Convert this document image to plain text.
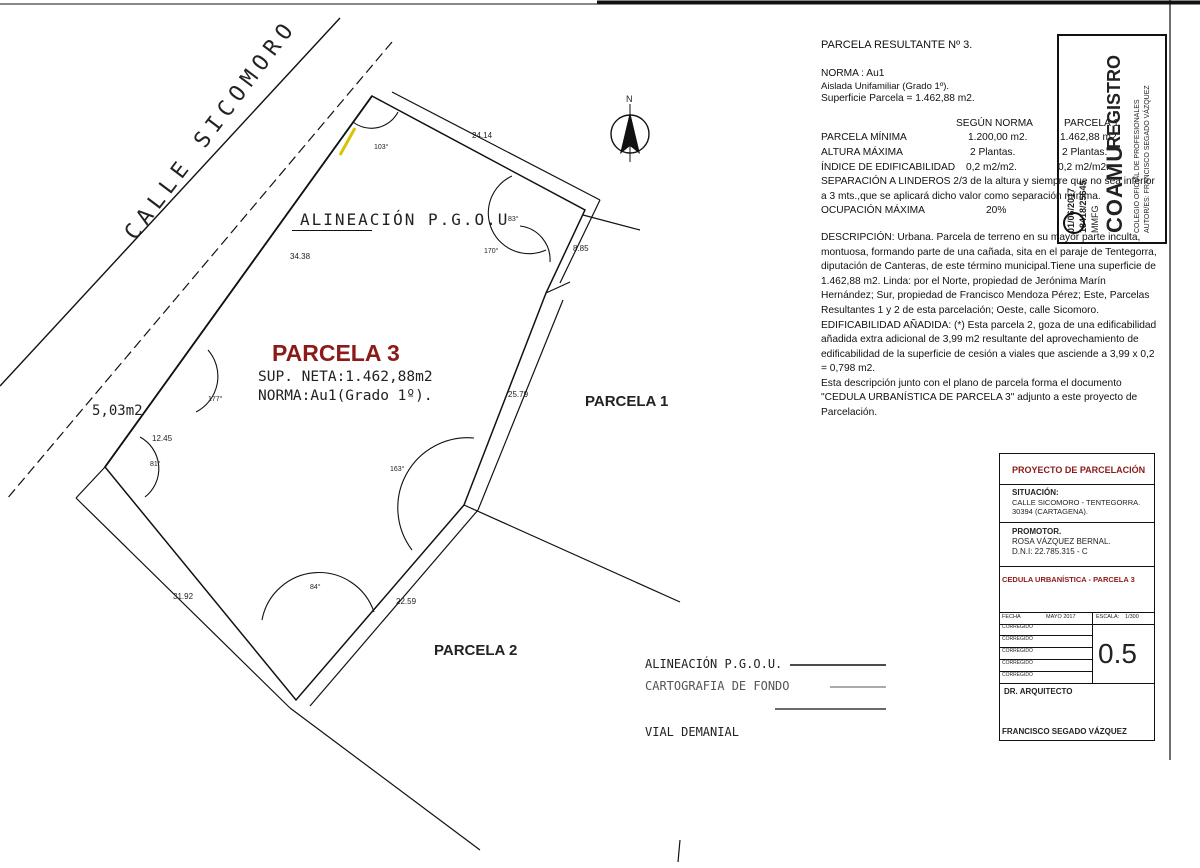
CALLE SICOMORO
ALINEACIÓN P.G.O.U
N
PARCELA 3
SUP. NETA:1.462,88m2
NORMA:Au1(Grado 1º).
5,03m2
PARCELA 1
PARCELA 2
24.14
34.38
8.85
25.79
22.59
31.92
12.45
103°
83°
170°
177°
81°
163°
84°
ALINEACIÓN P.G.O.U.
CARTOGRAFIA DE FONDO
VIAL DEMANIAL

PARCELA RESULTANTE Nº 3.

NORMA : Au1

Aislada Unifamiliar (Grado 1º).

Superficie Parcela = 1.462,88 m2.

SEGÚN NORMA	PARCELA 1
PARCELA MÍNIMA	1.200,00 m2.	1.462,88 m2.
ALTURA MÁXIMA	2 Plantas.	2 Plantas.
ÍNDICE DE EDIFICABILIDAD	0,2 m2/m2.	0,2 m2/m2.

SEPARACIÓN A LINDEROS 2/3 de la altura y siempre que no sea inferior a 3 mts.,que se aplicará dicho valor como separación mínima.

OCUPACIÓN MÁXIMA	20%

DESCRIPCIÓN: Urbana. Parcela de terreno en su mayor parte inculta, montuosa, formando parte de una cañada, sita en el paraje de Tentegorra, diputación de Canteras, de este término municipal.Tiene una superficie de 1.462,88 m2. Linda: por el Norte, propiedad de Jerónima Marín Hernández; Sur, propiedad de Francisco Mendoza Pérez; Este, Parcelas Resultantes 1 y 2 de esta parcelación; Oeste, calle Sicomoro.

EDIFICABILIDAD AÑADIDA: (*) Esta parcela 2, goza de una edificabilidad añadida extra adicional de 3,99 m2 resultante del aprovechamiento de edificabilidad de la superficie de cesión a viales que asciende a 3,99 x 0,2 = 0,798 m2.

Esta descripción junto con el plano de parcela forma el documento "CEDULA URBANÍSTICA DE PARCELA 3" adjunto a este proyecto de Parcelación.

01/06/2017 18418/25645 MMFG COAMU
REGISTRO COLEGIO OFICIAL DE PROFESIONALES AUTOR/ES: FRANCISCO SEGADO VÁZQUEZ
PROYECTO DE PARCELACIÓN
SITUACIÓN:
CALLE SICOMORO - TENTEGORRA. 30394 (CARTAGENA).
PROMOTOR.
ROSA VÁZQUEZ BERNAL.
D.N.I: 22.785.315 - C
CEDULA URBANÍSTICA - PARCELA 3
FECHA	MAYO 2017	ESCALA: 1/300
CORREGIDO
CORREGIDO
CORREGIDO
CORREGIDO
CORREGIDO
0.5
DR. ARQUITECTO
FRANCISCO SEGADO VÁZQUEZ
